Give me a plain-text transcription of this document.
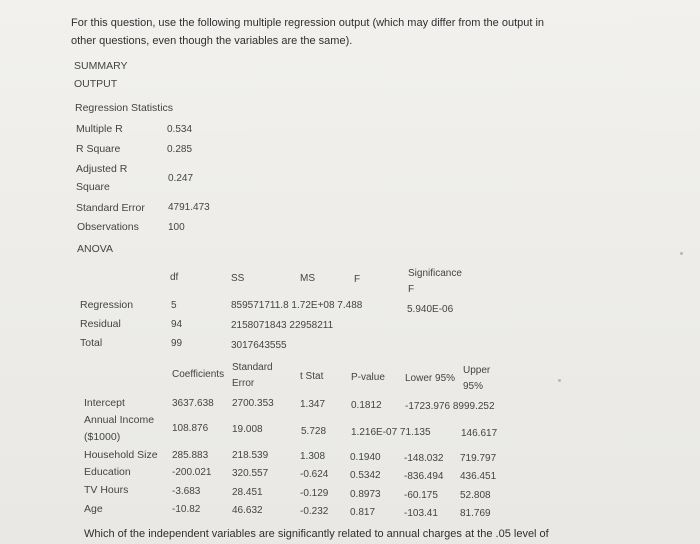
For this question, use the following multiple regression output (which may differ from the output in
other questions, even though the variables are the same).
SUMMARY
OUTPUT
Regression Statistics
Multiple R	0.534
R Square	0.285
Adjusted R
Square
0.247
Standard Error 4791.473
Observations	100
ANOVA
df	SS	MS	F
Significance
F
Regression	5	859571711.8 1.72E+08 7.488	5.940E-06
Residual	94	2158071843 22958211
Total	99	3017643555
Coefficients
Standard
Error
t Stat	P-value Lower 95%
Upper
95%
Intercept	3637.638 2700.353	1.347	0.1812 -1723.976 8999.252
Annual Income
($1000)
108.876 19.008	5.728 1.216E-07 71.135	146.617
Household Size 285.883 218.539	1.308 0.1940 -148.032 719.797
Education	-200.021 320.557	-0.624 0.5342 -836.494 436.451
TV Hours	-3.683	28.451	-0.129 0.8973 -60.175 52.808
Age	-10.82	46.632	-0.232 0.817	-103.41 81.769
Which of the independent variables are significantly related to annual charges at the .05 level of
